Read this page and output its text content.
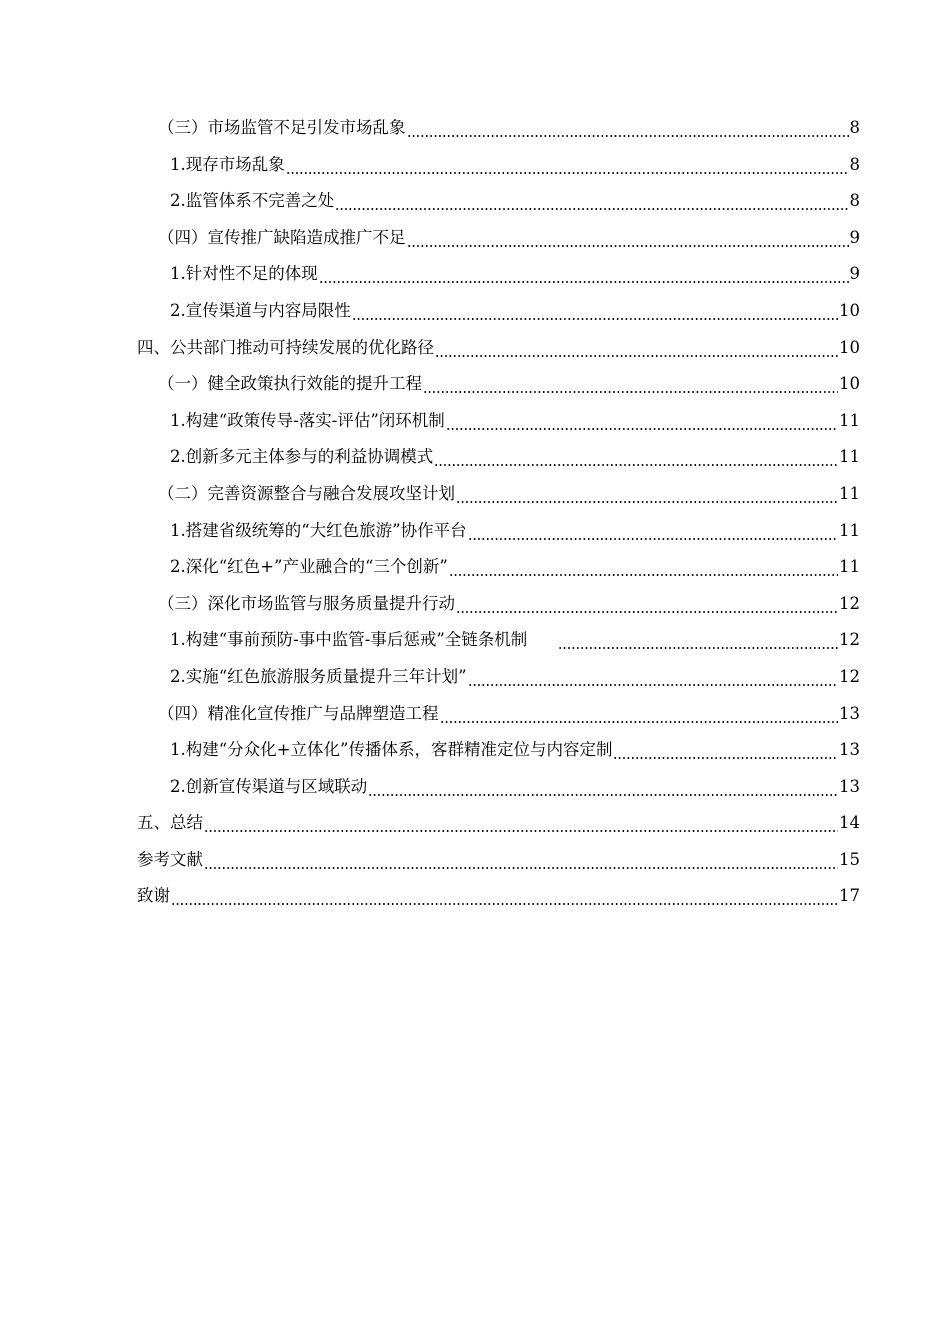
（三）市场监管不足引发市场乱象	8
1.现存市场乱象	8
2.监管体系不完善之处	8
（四）宣传推广缺陷造成推广不足	9
1.针对性不足的体现	9
2.宣传渠道与内容局限性	10
四、公共部门推动可持续发展的优化路径	10
（一）健全政策执行效能的提升工程	10
1.构建“政策传导-落实-评估”闭环机制	11
2.创新多元主体参与的利益协调模式	11
（二）完善资源整合与融合发展攻坚计划	11
1.搭建省级统筹的“大红色旅游”协作平台	11
2.深化“红色+”产业融合的“三个创新”	11
（三）深化市场监管与服务质量提升行动	12
1.构建“事前预防-事中监管-事后惩戒”全链条机制	12
2.实施“红色旅游服务质量提升三年计划”	12
（四）精准化宣传推广与品牌塑造工程	13
1.构建“分众化+立体化”传播体系，客群精准定位与内容定制	13
2.创新宣传渠道与区域联动	13
五、总结	14
参考文献	15
致谢	17
